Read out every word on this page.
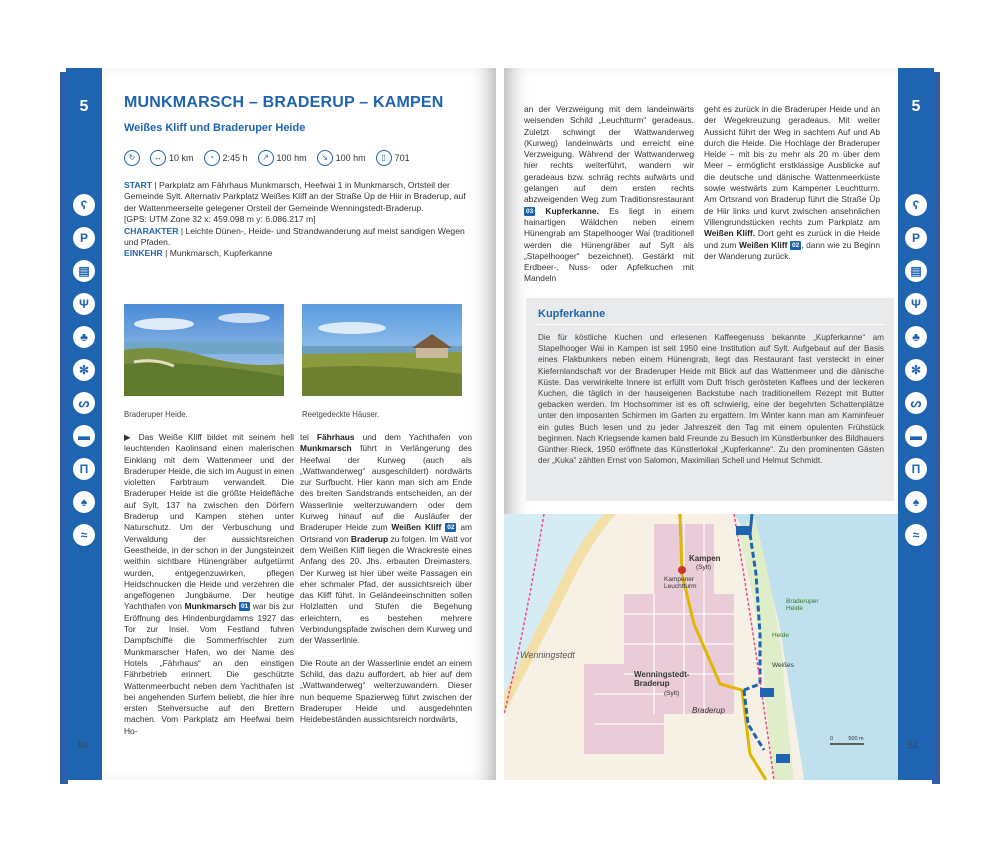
5
ʕ
P
▤
Ψ
♣
✻
ᔕ
▬
Π
♠
≈
50
MUNKMARSCH – BRADERUP – KAMPEN
Weißes Kliff und Braderuper Heide
↻	↔ 10 km	◔ 2:45 h	↗ 100 hm	↘ 100 hm	▯ 701
START | Parkplatz am Fährhaus Munkmarsch, Heefwai 1 in Munkmarsch, Ortsteil der Gemeinde Sylt. Alternativ Parkplatz Weißes Kliff an der Straße Üp de Hiir in Braderup, auf der Wattenmeerseite gelegener Orsteil der Gemeinde Wenningstedt-Braderup.
[GPS: UTM Zone 32 x: 459.098 m y: 6.086.217 m]
CHARAKTER | Leichte Dünen-, Heide- und Strandwanderung auf meist sandigen Wegen und Pfaden.
EINKEHR | Munkmarsch, Kupferkanne
Braderuper Heide.	Reetgedeckte Häuser.
▶ Das Weiße Kliff bildet mit seinem hell leuchtenden Kaolinsand einen malerischen Einklang mit dem Wattenmeer und der Braderuper Heide, die sich im August in einen violetten Farbtraum verwandelt. Die Braderuper Heide ist die größte Heidefläche auf Sylt, 137 ha zwischen den Dörfern Braderup und Kampen stehen unter Naturschutz. Um der Verbuschung und Verwaldung der aussichtsreichen Geestheide, in der schon in der Jungsteinzeit weithin sichtbare Hünengräber aufgetürmt wurden, entgegenzuwirken, pflegen Heidschnucken die Heide und verzehren die angeflogenen Jungbäume. Der heutige Yachthafen von Munkmarsch 01 war bis zur Eröffnung des Hindenburgdamms 1927 das Tor zur Insel. Vom Festland fuhren Dampfschiffe die Sommerfrischler zum Munkmarscher Hafen, wo der Name des Hotels „Fährhaus“ an den einstigen Fährbetrieb erinnert. Die geschützte Wattenmeerbucht neben dem Yachthafen ist bei angehenden Surfern beliebt, die hier ihre ersten Stehversuche auf den Brettern machen. Vom Parkplatz am Heefwai beim Ho-
tel Fährhaus und dem Yachthafen von Munkmarsch führt in Verlängerung des Heefwai der Kurweg (auch als „Wattwanderweg“ ausgeschildert) nordwärts zur Surfbucht. Hier kann man sich am Ende des breiten Sandstrands entscheiden, an der Wasserlinie weiterzuwandern oder dem Kurweg hinauf auf die Ausläufer der Braderuper Heide zum Weißen Kliff 02 am Ortsrand von Braderup zu folgen. Im Watt vor dem Weißen Kliff liegen die Wrackreste eines Anfang des 20. Jhs. erbauten Dreimasters. Der Kurweg ist hier über weite Passagen ein eher schmaler Pfad, der aussichtsreich über das Kliff führt. In Geländeeinschnitten sollen Holzlatten und Stufen die Begehung erleichtern, es bestehen mehrere Verbindungspfade zwischen dem Kurweg und der Wasserlinie.
Die Route an der Wasserlinie endet an einem Schild, das dazu auffordert, ab hier auf dem „Wattwanderweg“ weiterzuwandern. Dieser nun bequeme Spazierweg führt zwischen der Braderuper Heide und ausgedehnten Heidebeständen aussichtsreich nordwärts,
an der Verzweigung mit dem landeinwärts weisenden Schild „Leuchtturm“ geradeaus. Zuletzt schwingt der Wattwanderweg (Kurweg) landeinwärts und erreicht eine Verzweigung. Während der Wattwanderweg hier rechts weiterführt, wandern wir geradeaus bzw. schräg rechts aufwärts und gelangen auf dem ersten rechts abzweigenden Weg zum Traditionsrestaurant 03 Kupferkanne. Es liegt in einem hainartigen Wäldchen neben einem Hünengrab am Stapelhooger Wai (traditionell werden die Hünengräber auf Sylt als „Stapelhooger“ bezeichnet). Gestärkt mit Erdbeer-, Nuss- oder Apfelkuchen mit Mandeln
geht es zurück in die Braderuper Heide und an der Wegekreuzung geradeaus. Mit weiter Aussicht führt der Weg in sachtem Auf und Ab durch die Heide. Die Hochlage der Braderuper Heide – mit bis zu mehr als 20 m über dem Meer – ermöglicht erstklassige Ausblicke auf die deutsche und dänische Wattenmeerküste sowie westwärts zum Kampener Leuchtturm. Am Ortsrand von Braderup führt die Straße Üp de Hiir links und kurvt zwischen ansehnlichen Villengrundstücken rechts zum Parkplatz am Weißen Kliff. Dort geht es zurück in die Heide und zum Weißen Kliff 02 , dann wie zu Beginn der Wanderung zurück.
Kupferkanne
Die für köstliche Kuchen und erlesenen Kaffeegenuss bekannte „Kupferkanne“ am Stapelhooger Wai in Kampen ist seit 1950 eine Institution auf Sylt. Aufgebaut auf der Basis eines Flakbunkers neben einem Hünengrab, liegt das Restaurant fast versteckt in einer Kiefernlandschaft vor der Braderuper Heide mit Blick auf das Wattenmeer und die dänische Küste. Das verwinkelte Innere ist erfüllt vom Duft frisch gerösteten Kaffees und der leckeren Kuchen, die täglich in der hauseigenen Backstube nach traditionellem Rezept mit Butter gebacken werden. Im Hochsommer ist es oft schwierig, eine der begehrten Schattenplätze unter den imposanten Schirmen im Garten zu ergattern. Im Winter kann man am Kaminfeuer ein gutes Buch lesen und zu jeder Jahreszeit den Tag mit einem opulenten Frühstück beginnen. Nach Kriegsende kamen bald Freunde zu Besuch im Künstlerbunker des Bildhauers Günther Rieck, 1950 eröffnete das Künstlerlokal „Kupferkanne“. Zu den prominenten Gästen der „Kuka“ zählten Ernst von Salomon, Maximilian Schell und Helmut Schmidt.
Kampen
(Sylt)
Kampener Leuchtturm
Wenningstedt
Wenningstedt-Braderup
(Sylt)
Braderup
Braderuper Heide
Heide
Weißes
0          500 m
5
ʕ
P
▤
Ψ
♣
✻
ᔕ
▬
Π
♠
≈
51
